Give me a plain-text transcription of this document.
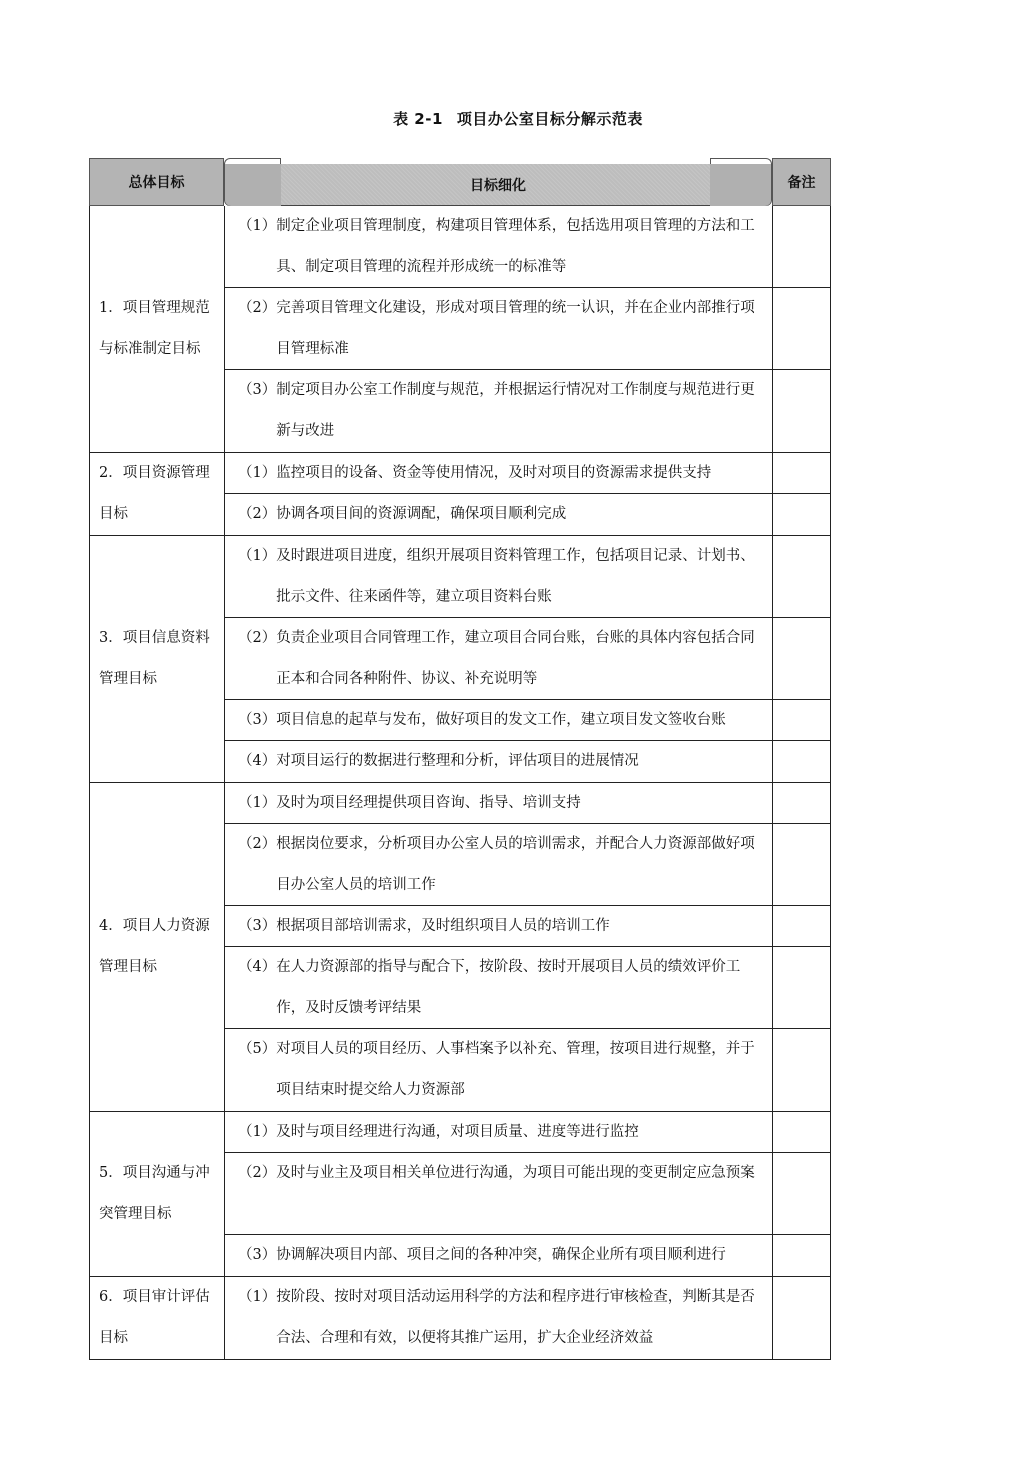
表 2-1 项目办公室目标分解示范表
总体目标	目标细化	备注
1．项目管理规范与标准制定目标
（1） 制定企业项目管理制度，构建项目管理体系，包括选用项目管理的方法和工具、制定项目管理的流程并形成统一的标准等
（2） 完善项目管理文化建设，形成对项目管理的统一认识，并在企业内部推行项目管理标准
（3） 制定项目办公室工作制度与规范，并根据运行情况对工作制度与规范进行更新与改进
2．项目资源管理目标
（1） 监控项目的设备、资金等使用情况，及时对项目的资源需求提供支持
（2） 协调各项目间的资源调配，确保项目顺利完成
3．项目信息资料管理目标
（1） 及时跟进项目进度，组织开展项目资料管理工作，包括项目记录、计划书、批示文件、往来函件等，建立项目资料台账
（2） 负责企业项目合同管理工作，建立项目合同台账，台账的具体内容包括合同正本和合同各种附件、协议、补充说明等
（3） 项目信息的起草与发布，做好项目的发文工作，建立项目发文签收台账
（4） 对项目运行的数据进行整理和分析，评估项目的进展情况
4．项目人力资源管理目标
（1） 及时为项目经理提供项目咨询、指导、培训支持
（2） 根据岗位要求，分析项目办公室人员的培训需求，并配合人力资源部做好项目办公室人员的培训工作
（3） 根据项目部培训需求，及时组织项目人员的培训工作
（4） 在人力资源部的指导与配合下，按阶段、按时开展项目人员的绩效评价工作，及时反馈考评结果
（5） 对项目人员的项目经历、人事档案予以补充、管理，按项目进行规整，并于项目结束时提交给人力资源部
5．项目沟通与冲突管理目标
（1） 及时与项目经理进行沟通，对项目质量、进度等进行监控
（2） 及时与业主及项目相关单位进行沟通，为项目可能出现的变更制定应急预案
（3） 协调解决项目内部、项目之间的各种冲突，确保企业所有项目顺利进行
6．项目审计评估目标
（1） 按阶段、按时对项目活动运用科学的方法和程序进行审核检查，判断其是否合法、合理和有效，以便将其推广运用，扩大企业经济效益
